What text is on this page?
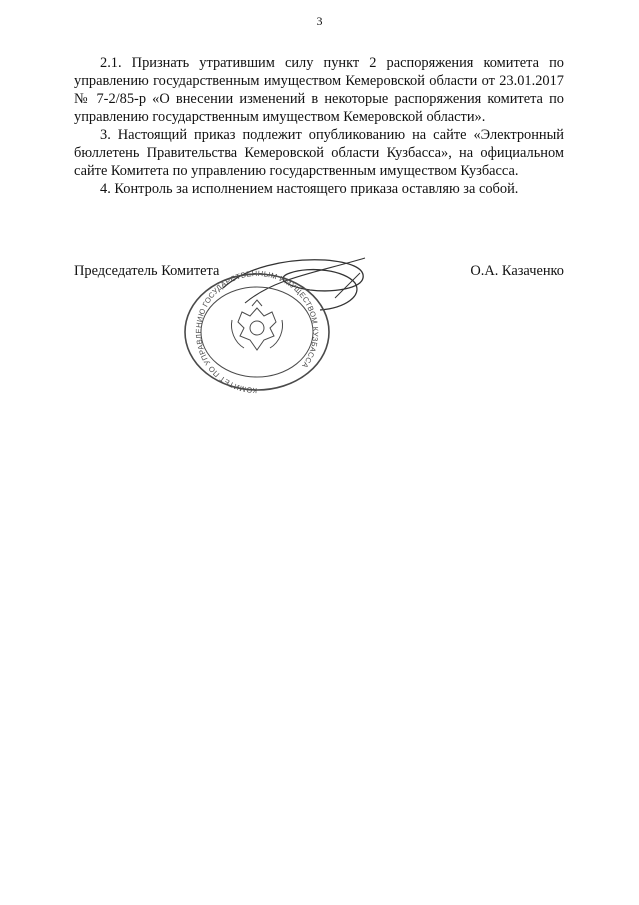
3

2.1. Признать утратившим силу пункт 2 распоряжения комитета по управлению государственным имуществом Кемеровской области от 23.01.2017 № 7-2/85-р «О внесении изменений в некоторые распоряжения комитета по управлению государственным имуществом Кемеровской области».

3. Настоящий приказ подлежит опубликованию на сайте «Электронный бюллетень Правительства Кемеровской области Кузбасса», на официальном сайте Комитета по управлению государственным имуществом Кузбасса.

4. Контроль за исполнением настоящего приказа оставляю за собой.

Председатель Комитета	О.А. Казаченко
КОМИТЕТ ПО УПРАВЛЕНИЮ ГОСУДАРСТВЕННЫМ ИМУЩЕСТВОМ КУЗБАССА
